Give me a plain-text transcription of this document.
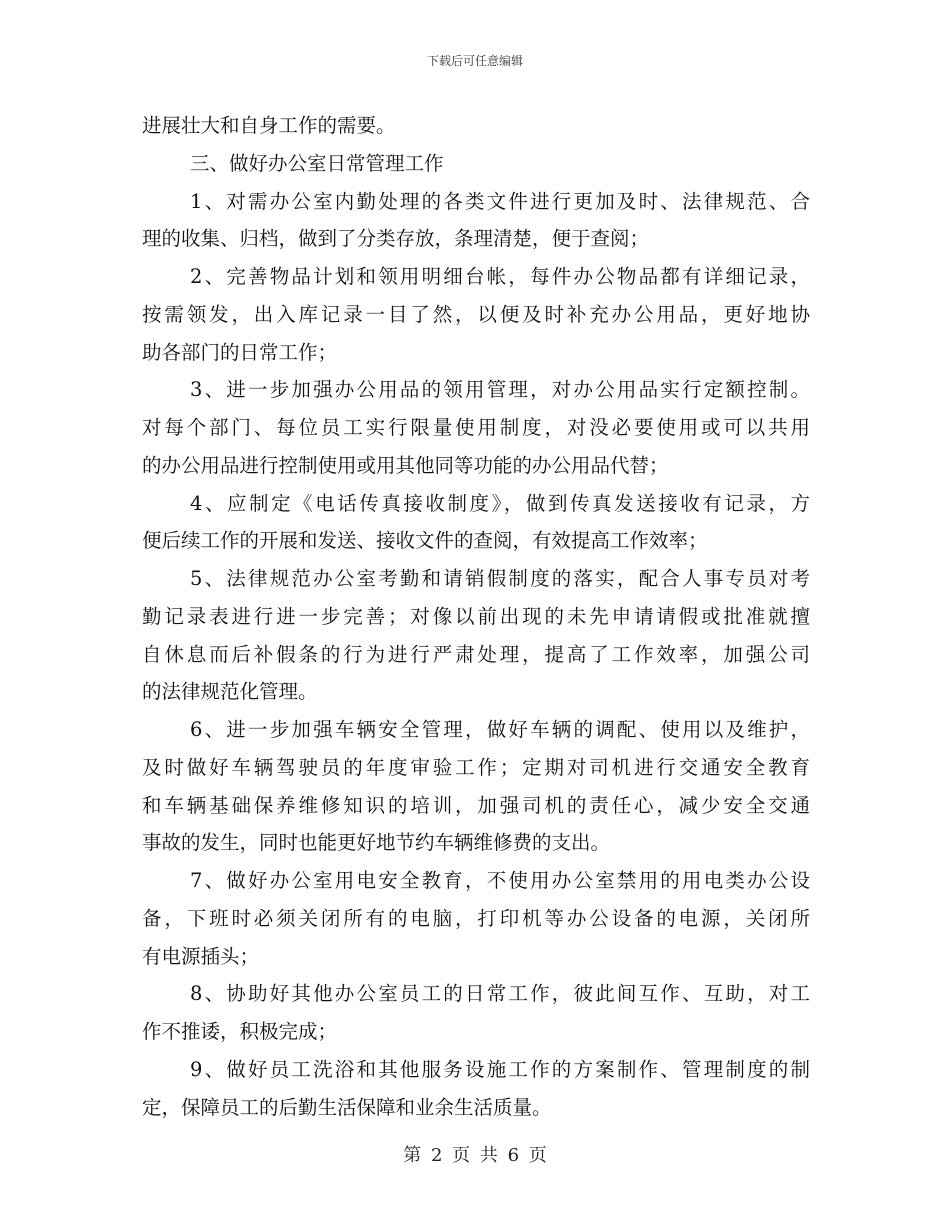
下载后可任意编辑
进展壮大和自身工作的需要。
三、做好办公室日常管理工作
1、对需办公室内勤处理的各类文件进行更加及时、法律规范、合
理的收集、归档，做到了分类存放，条理清楚，便于查阅；
2、完善物品计划和领用明细台帐，每件办公物品都有详细记录，
按需领发，出入库记录一目了然，以便及时补充办公用品，更好地协
助各部门的日常工作；
3、进一步加强办公用品的领用管理，对办公用品实行定额控制。
对每个部门、每位员工实行限量使用制度，对没必要使用或可以共用
的办公用品进行控制使用或用其他同等功能的办公用品代替；
4、应制定《电话传真接收制度》，做到传真发送接收有记录，方
便后续工作的开展和发送、接收文件的查阅，有效提高工作效率；
5、法律规范办公室考勤和请销假制度的落实，配合人事专员对考
勤记录表进行进一步完善；对像以前出现的未先申请请假或批准就擅
自休息而后补假条的行为进行严肃处理，提高了工作效率，加强公司
的法律规范化管理。
6、进一步加强车辆安全管理，做好车辆的调配、使用以及维护，
及时做好车辆驾驶员的年度审验工作；定期对司机进行交通安全教育
和车辆基础保养维修知识的培训，加强司机的责任心，减少安全交通
事故的发生，同时也能更好地节约车辆维修费的支出。
7、做好办公室用电安全教育，不使用办公室禁用的用电类办公设
备，下班时必须关闭所有的电脑，打印机等办公设备的电源，关闭所
有电源插头；
8、协助好其他办公室员工的日常工作，彼此间互作、互助，对工
作不推诿，积极完成；
9、做好员工洗浴和其他服务设施工作的方案制作、管理制度的制
定，保障员工的后勤生活保障和业余生活质量。
第 2 页 共 6 页
